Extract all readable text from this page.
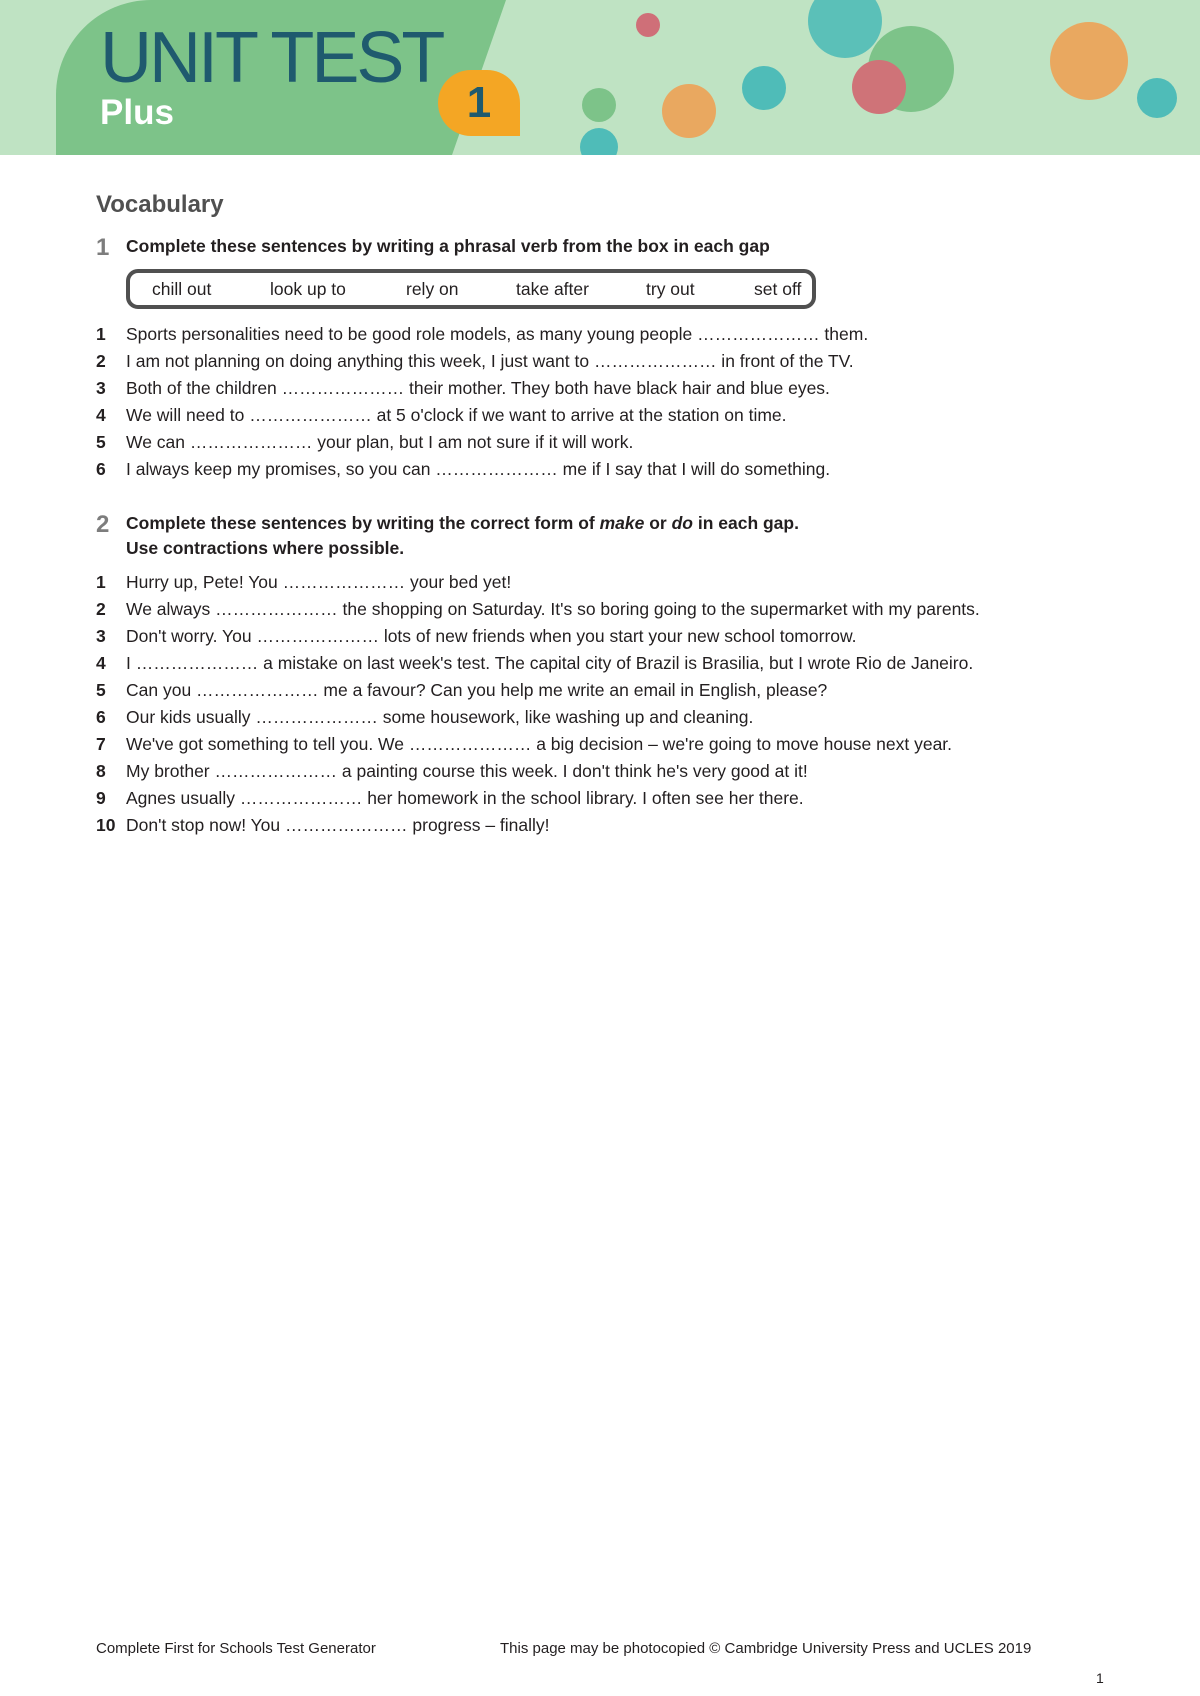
UNIT TEST
Plus	1
Vocabulary
1 Complete these sentences by writing a phrasal verb from the box in each gap
chill out	look up to	rely on	take after	try out	set off
1 Sports personalities need to be good role models, as many young people ………………… them.
2 I am not planning on doing anything this week, I just want to ………………… in front of the TV.
3 Both of the children ………………… their mother. They both have black hair and blue eyes.
4 We will need to ………………… at 5 o'clock if we want to arrive at the station on time.
5 We can ………………… your plan, but I am not sure if it will work.
6 I always keep my promises, so you can ………………… me if I say that I will do something.
2 Complete these sentences by writing the correct form of make or do in each gap.
Use contractions where possible.
1 Hurry up, Pete! You ………………… your bed yet!
2 We always ………………… the shopping on Saturday. It's so boring going to the supermarket with my parents.
3 Don't worry. You ………………… lots of new friends when you start your new school tomorrow.
4 I ………………… a mistake on last week's test. The capital city of Brazil is Brasilia, but I wrote Rio de Janeiro.
5 Can you ………………… me a favour? Can you help me write an email in English, please?
6 Our kids usually ………………… some housework, like washing up and cleaning.
7 We've got something to tell you. We ………………… a big decision – we're going to move house next year.
8 My brother ………………… a painting course this week. I don't think he's very good at it!
9 Agnes usually ………………… her homework in the school library. I often see her there.
10 Don't stop now! You ………………… progress – finally!
Complete First for Schools Test Generator	This page may be photocopied © Cambridge University Press and UCLES 2019
1
